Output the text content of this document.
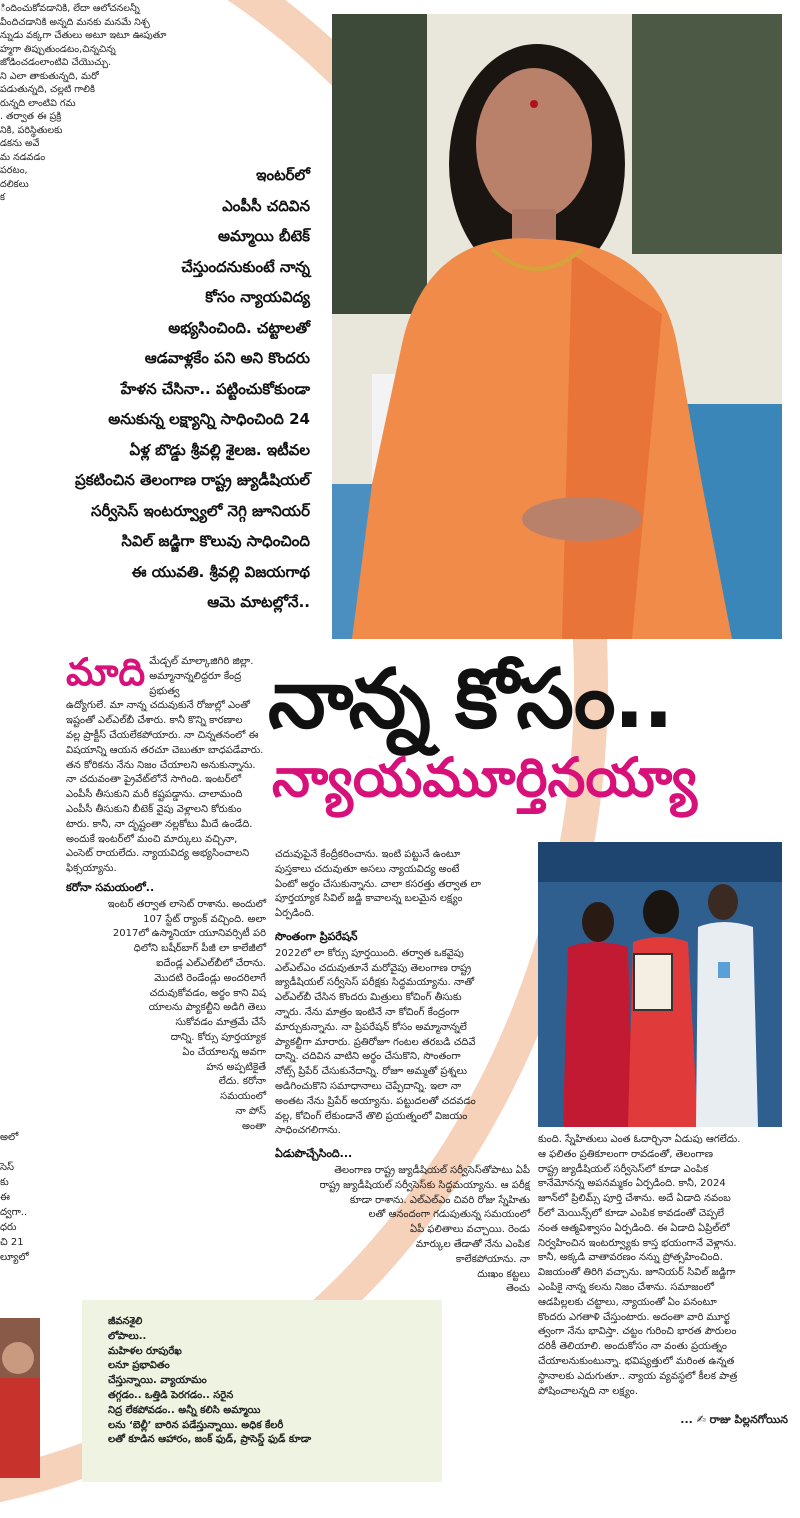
ిందించుకోవడానికి, లేదా ఆలోచనలన్నీ

వీందిచడానికి అన్నది మనకు మనమే నిశ్చ

న్నుడు వక్కగా చేతులు అటూ ఇటూ ఊపుతూ

హ్మగా తిప్పుతుండటం,చిన్నచిన్న

జోడించడంలాంటివి చేయొచ్చు.

ని ఎలా తాకుతున్నది, మరో

పడుతున్నది, చల్లటి గాలికి

రున్నది లాంటివి గమ

. తర్వాత ఈ ప్రక్రి

నికి, పరిస్థితులకు

డకను అవే

మ నడవడం

పరటం,

దలికలు

క

ఇంటర్‌లో
ఎంపీసీ చదివిన
అమ్మాయి బీటెక్
చేస్తుందనుకుంటే నాన్న
కోసం న్యాయవిద్య
అభ్యసించింది. చట్టాలతో
ఆడవాళ్లకేం పని అని కొందరు
హేళన చేసినా.. పట్టించుకోకుండా
అనుకున్న లక్ష్యాన్ని సాధించింది 24
ఏళ్ల బొడ్డు శ్రీవల్లి శైలజ. ఇటీవల
ప్రకటించిన తెలంగాణ రాష్ట్ర జ్యుడీషియల్
సర్వీసెస్ ఇంటర్వ్యూలో నెగ్గి జూనియర్
సివిల్ జడ్జిగా కొలువు సాధించింది
ఈ యువతి. శ్రీవల్లి విజయగాథ
ఆమె మాటల్లోనే..
నాన్న కోసం..
న్యాయమూర్తినయ్యా
మాది మేడ్చల్ మాల్కాజిగిరి జిల్లా.

అమ్మానాన్నలిద్దరూ కేంద్ర ప్రభుత్వ

ఉద్యోగులే. మా నాన్న చదువుకునే రోజుల్లో ఎంతో

ఇష్టంతో ఎల్ఎల్‌బీ చేశారు. కానీ కొన్ని కారణాల

వల్ల ప్రాక్టీస్ చేయలేకపోయారు. నా చిన్నతనంలో ఈ

విషయాన్ని ఆయన తరచూ చెబుతూ బాధపడేవారు.

తన కోరికను నేను నిజం చేయాలని అనుకున్నాను.

నా చదువంతా ప్రైవేట్‌లోనే సాగింది. ఇంటర్‌లో

ఎంపీసీ తీసుకుని మరీ కష్టపడ్డాను. చాలామంది

ఎంపీసీ తీసుకుని బీటెక్ వైపు వెళ్లాలని కోరుకుం

టారు. కానీ, నా దృష్టంతా నల్లకోటు మీదే ఉండేది.

అందుకే ఇంటర్‌లో మంచి మార్కులు వచ్చినా,

ఎంసెట్ రాయలేదు. న్యాయవిద్య అభ్యసించాలని

ఫిక్సయ్యాను.

కరోనా సమయంలో..

ఇంటర్ తర్వాత లాసెట్ రాశాను. అందులో

107 స్టేట్ ర్యాంక్ వచ్చింది. అలా

2017లో ఉస్మానియా యూనివర్సిటీ పరి

ధిలోని బషీర్‌బాగ్ పీజీ లా కాలేజీలో

ఐదేండ్ల ఎల్ఎల్‌బీలో చేరాను.

మొదటి రెండేండ్లు అందరిలాగే

చదువుకోవడం, అర్థం కాని విష

యాలను ప్యాకల్టీని అడిగి తెలు

సుకోవడం మాత్రమే చేసే

దాన్ని. కోర్సు పూర్తయ్యాక

ఏం చేయాలన్న అవగా

హన అప్పటికైతే

లేదు. కరోనా

సమయంలో

నా పోస్

అంతా

అలో

సెస్

కు

ఈ

ద్వగా..

ధరు

చి 21

ల్యూలో

చదువుపైనే కేంద్రీకరించాను. ఇంటి పట్టునే ఉంటూ

పుస్తకాలు చదువుతూ అసలు న్యాయవిద్య అంటే

ఏంటో అర్థం చేసుకున్నాను. చాలా కసరత్తు తర్వాత లా

పూర్తయ్యాక సివిల్ జడ్జి కావాలన్న బలమైన లక్ష్యం

ఏర్పడింది.

సొంతంగా ప్రిపరేషన్

2022లో లా కోర్సు పూర్తయింది. తర్వాత ఒకవైపు

ఎల్ఎల్ఎం చదువుతూనే మరోవైపు తెలంగాణ రాష్ట్ర

జ్యుడీషియల్ సర్వీసెస్ పరీక్షకు సిద్ధమయ్యాను. నాతో

ఎల్ఎల్‌బీ చేసిన కొందరు మిత్రులు కోచింగ్ తీసుకు

న్నారు. నేను మాత్రం ఇంటినే నా కోచింగ్ కేంద్రంగా

మార్చుకున్నాను. నా ప్రిపరేషన్ కోసం అమ్మానాన్నలే

ప్యాకల్టీగా మారారు. ప్రతిరోజూ గంటల తరబడి చదివే

దాన్ని. చదివిన వాటిని అర్థం చేసుకొని, సొంతంగా

నోట్స్ ప్రిపేర్ చేసుకునేదాన్ని. రోజూ అమ్మతో ప్రశ్నలు

అడిగించుకొని సమాధానాలు చెప్పేదాన్ని. ఇలా నా

అంతట నేను ప్రిపేర్ అయ్యాను. పట్టుదలతో చదవడం

వల్ల, కోచింగ్ లేకుండానే తొలి ప్రయత్నంలో విజయం

సాధించగలిగాను.

ఏడుపొచ్చేసింది...

తెలంగాణ రాష్ట్ర జ్యుడీషియల్ సర్వీసెస్‌తోపాటు ఏపీ

రాష్ట్ర జ్యుడీషియల్ సర్వీసెస్‌కు సిద్ధమయ్యాను. ఆ పరీక్ష

కూడా రాశాను. ఎల్ఎల్ఎం చివరి రోజు స్నేహితు

లతో ఆనందంగా గడుపుతున్న సమయంలో

ఏపీ ఫలితాలు వచ్చాయి. రెండు

మార్కుల తేడాతో నేను ఎంపిక

కాలేకపోయాను. నా

దుఃఖం కట్టలు

తెంచు

కుంది. స్నేహితులు ఎంత ఓదార్చినా ఏడుపు ఆగలేదు.

ఆ ఫలితం ప్రతికూలంగా రావడంతో, తెలంగాణ

రాష్ట్ర జ్యుడీషియల్ సర్వీసెస్‌లో కూడా ఎంపిక

కానేమోనన్న అపనమ్మకం ఏర్పడింది. కానీ, 2024

జూన్‌లో ప్రిలిమ్స్ పూర్తి చేశాను. అదే ఏడాది నవంబ

ర్‌లో మెయిన్స్‌లో కూడా ఎంపిక కావడంతో చెప్పలే

నంత ఆత్మవిశ్వాసం ఏర్పడింది. ఈ ఏడాది ఏప్రిల్‌లో

నిర్వహించిన ఇంటర్వ్యూకు కాస్త భయంగానే వెళ్లాను.

కానీ, అక్కడి వాతావరణం నన్ను ప్రోత్సహించింది.

విజయంతో తిరిగి వచ్చాను. జూనియర్ సివిల్ జడ్జిగా

ఎంపికై నాన్న కలను నిజం చేశాను. సమాజంలో

ఆడపిల్లలకు చట్టాలు, న్యాయంతో ఏం పనంటూ

కొందరు ఎగతాళి చేస్తుంటారు. అదంతా వారి మూర్ఖ

త్వంగా నేను భావిస్తా. చట్టం గురించి భారత పౌరులం

దరికీ తెలియాలి. అందుకోసం నా వంతు ప్రయత్నం

చేయాలనుకుంటున్నా. భవిష్యత్తులో మరింత ఉన్నత

స్థానాలకు ఎదుగుతూ.. న్యాయ వ్యవస్థలో కీలక పాత్ర

పోషించాలన్నది నా లక్ష్యం.

... ✍ రాజు పిల్లనగోయిన

జీవనశైలి

లోపాలు..

మహిళల రూపురేఖ

లనూ ప్రభావితం

చేస్తున్నాయి. వ్యాయామం

తగ్గడం.. ఒత్తిడి పెరగడం.. సరైన

నిద్ర లేకపోవడం.. అన్నీ కలిసి అమ్మాయి

లను ‘బెల్లీ’ బారిన పడేస్తున్నాయి. అధిక కేలరీ

లతో కూడిన ఆహారం, జంక్ ఫుడ్, ప్రాసెస్డ్ ఫుడ్ కూడా
